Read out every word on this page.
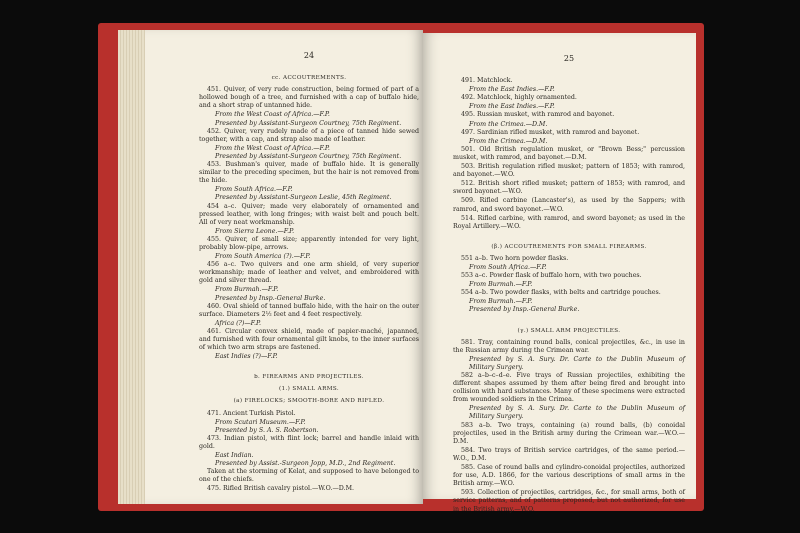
24
cc. ACCOUTREMENTS.

451. Quiver, of very rude construction, being formed of part of a hollowed bough of a tree, and furnished with a cap of buffalo hide, and a short strap of untanned hide.

From the West Coast of Africa.—F.P.
Presented by Assistant-Surgeon Courtney, 75th Regiment.

452. Quiver, very rudely made of a piece of tanned hide sewed together, with a cap, and strap also made of leather.

From the West Coast of Africa.—F.P.
Presented by Assistant-Surgeon Courtney, 75th Regiment.

453. Bushman's quiver, made of buffalo hide. It is generally similar to the preceding specimen, but the hair is not removed from the hide.

From South Africa.—F.P.
Presented by Assistant-Surgeon Leslie, 45th Regiment.

454 a–c. Quiver; made very elaborately of ornamented and pressed leather, with long fringes; with waist belt and pouch belt. All of very neat workmanship.

From Sierra Leone.—F.P.

455. Quiver, of small size; apparently intended for very light, probably blow-pipe, arrows.

From South America (?).—F.P.

456 a–c. Two quivers and one arm shield, of very superior workmanship; made of leather and velvet, and embroidered with gold and silver thread.

From Burmah.—F.P.
Presented by Insp.-General Burke.

460. Oval shield of tanned buffalo hide, with the hair on the outer surface. Diameters 2½ feet and 4 feet respectively.

Africa (?)—F.P.

461. Circular convex shield, made of papier-maché, japanned, and furnished with four ornamental gilt knobs, to the inner surfaces of which two arm straps are fastened.

East Indies (?)—F.P.
b. FIREARMS AND PROJECTILES.
(1.) SMALL ARMS.
(a) FIRELOCKS; SMOOTH-BORE AND RIFLED.

471. Ancient Turkish Pistol.

From Scutari Museum.—F.P.
Presented by S. A. S. Robertson.

473. Indian pistol, with flint lock; barrel and handle inlaid with gold.

East Indian.
Presented by Assist.-Surgeon Jopp, M.D., 2nd Regiment.

Taken at the storming of Kelat, and supposed to have belonged to one of the chiefs.

475. Rifled British cavalry pistol.—W.O.—D.M.

25

491. Matchlock.

From the East Indies.—F.P.

492. Matchlock, highly ornamented.

From the East Indies.—F.P.

495. Russian musket, with ramrod and bayonet.

From the Crimea.—D.M.

497. Sardinian rifled musket, with ramrod and bayonet.

From the Crimea.—D.M.

501. Old British regulation musket, or "Brown Bess;" percussion musket, with ramrod, and bayonet.—D.M.

503. British regulation rifled musket; pattern of 1853; with ramrod, and bayonet.—W.O.

512. British short rifled musket; pattern of 1853; with ramrod, and sword bayonet.—W.O.

509. Rifled carbine (Lancaster's), as used by the Sappers; with ramrod, and sword bayonet.—W.O.

514. Rifled carbine, with ramrod, and sword bayonet; as used in the Royal Artillery.—W.O.

(β.) ACCOUTREMENTS FOR SMALL FIREARMS.

551 a–b. Two horn powder flasks.

From South Africa.—F.P.

553 a–c. Powder flask of buffalo horn, with two pouches.

From Burmah.—F.P.

554 a–b. Two powder flasks, with belts and cartridge pouches.

From Burmah.—F.P.
Presented by Insp.-General Burke.
(γ.) SMALL ARM PROJECTILES.

581. Tray, containing round balls, conical projectiles, &c., in use in the Russian army during the Crimean war.

Presented by S. A. Sury. Dr. Carte to the Dublin Museum of Military Surgery.

582 a–b–c–d–e. Five trays of Russian projectiles, exhibiting the different shapes assumed by them after being fired and brought into collision with hard substances. Many of these specimens were extracted from wounded soldiers in the Crimea.

Presented by S. A. Sury. Dr. Carte to the Dublin Museum of Military Surgery.

583 a–b. Two trays, containing (a) round balls, (b) conoidal projectiles, used in the British army during the Crimean war.—W.O.—D.M.

584. Two trays of British service cartridges, of the same period.—W.O., D.M.

585. Case of round balls and cylindro-conoidal projectiles, authorized for use, A.D. 1866, for the various descriptions of small arms in the British army.—W.O.

593. Collection of projectiles, cartridges, &c., for small arms, both of service patterns, and of patterns proposed, but not authorized, for use in the British army.—W.O.
